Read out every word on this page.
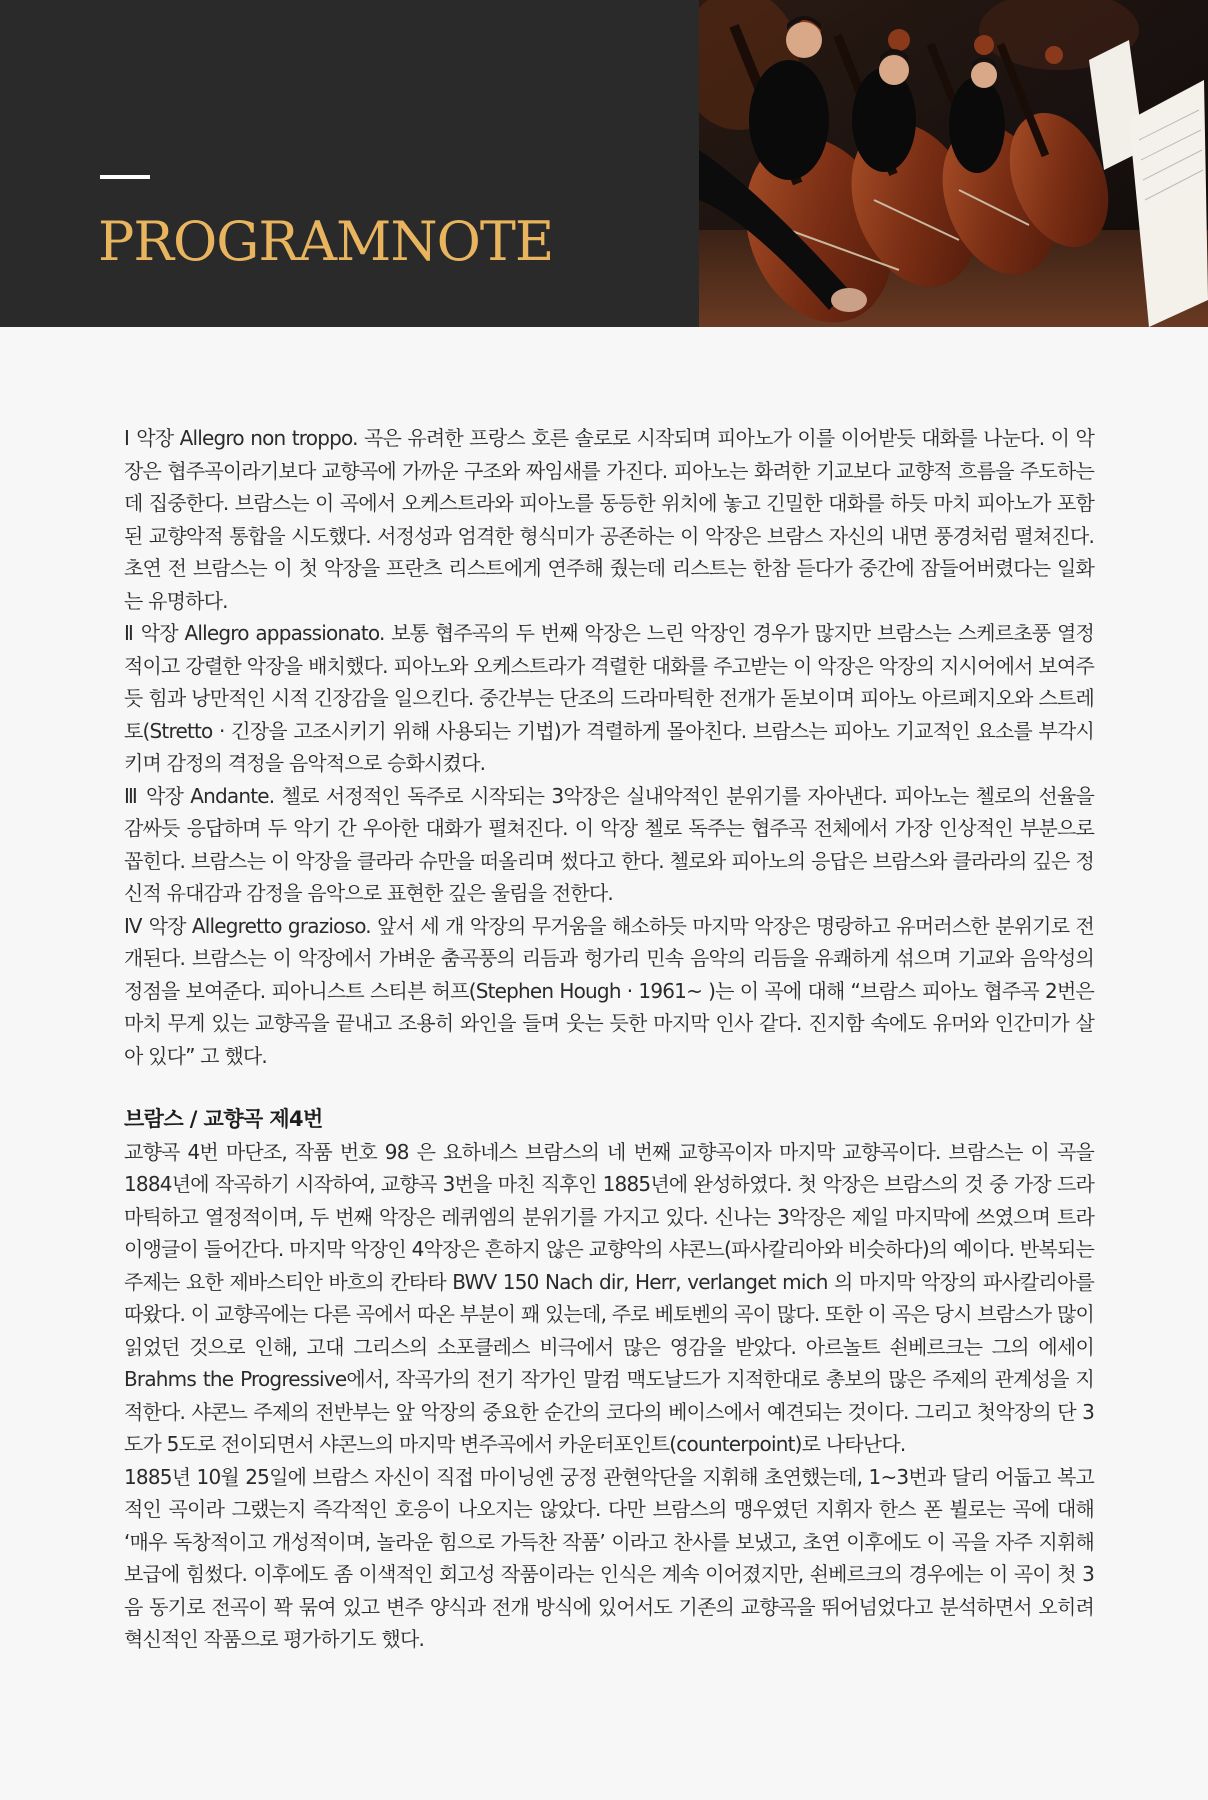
PROGRAMNOTE

Ⅰ 악장 Allegro non troppo. 곡은 유려한 프랑스 호른 솔로로 시작되며 피아노가 이를 이어받듯 대화를 나눈다. 이 악장은 협주곡이라기보다 교향곡에 가까운 구조와 짜임새를 가진다. 피아노는 화려한 기교보다 교향적 흐름을 주도하는 데 집중한다. 브람스는 이 곡에서 오케스트라와 피아노를 동등한 위치에 놓고 긴밀한 대화를 하듯 마치 피아노가 포함된 교향악적 통합을 시도했다. 서정성과 엄격한 형식미가 공존하는 이 악장은 브람스 자신의 내면 풍경처럼 펼쳐진다. 초연 전 브람스는 이 첫 악장을 프란츠 리스트에게 연주해 줬는데 리스트는 한참 듣다가 중간에 잠들어버렸다는 일화는 유명하다.

Ⅱ 악장 Allegro appassionato. 보통 협주곡의 두 번째 악장은 느린 악장인 경우가 많지만 브람스는 스케르초풍 열정적이고 강렬한 악장을 배치했다. 피아노와 오케스트라가 격렬한 대화를 주고받는 이 악장은 악장의 지시어에서 보여주듯 힘과 낭만적인 시적 긴장감을 일으킨다. 중간부는 단조의 드라마틱한 전개가 돋보이며 피아노 아르페지오와 스트레토(Stretto · 긴장을 고조시키기 위해 사용되는 기법)가 격렬하게 몰아친다. 브람스는 피아노 기교적인 요소를 부각시키며 감정의 격정을 음악적으로 승화시켰다.

Ⅲ 악장 Andante. 첼로 서정적인 독주로 시작되는 3악장은 실내악적인 분위기를 자아낸다. 피아노는 첼로의 선율을 감싸듯 응답하며 두 악기 간 우아한 대화가 펼쳐진다. 이 악장 첼로 독주는 협주곡 전체에서 가장 인상적인 부분으로 꼽힌다. 브람스는 이 악장을 클라라 슈만을 떠올리며 썼다고 한다. 첼로와 피아노의 응답은 브람스와 클라라의 깊은 정신적 유대감과 감정을 음악으로 표현한 깊은 울림을 전한다.

Ⅳ 악장 Allegretto grazioso. 앞서 세 개 악장의 무거움을 해소하듯 마지막 악장은 명랑하고 유머러스한 분위기로 전개된다. 브람스는 이 악장에서 가벼운 춤곡풍의 리듬과 헝가리 민속 음악의 리듬을 유쾌하게 섞으며 기교와 음악성의 정점을 보여준다. 피아니스트 스티븐 허프(Stephen Hough · 1961~ )는 이 곡에 대해 “브람스 피아노 협주곡 2번은 마치 무게 있는 교향곡을 끝내고 조용히 와인을 들며 웃는 듯한 마지막 인사 같다. 진지함 속에도 유머와 인간미가 살아 있다” 고 했다.

브람스 / 교향곡 제4번

교향곡 4번 마단조, 작품 번호 98 은 요하네스 브람스의 네 번째 교향곡이자 마지막 교향곡이다. 브람스는 이 곡을 1884년에 작곡하기 시작하여, 교향곡 3번을 마친 직후인 1885년에 완성하였다. 첫 악장은 브람스의 것 중 가장 드라마틱하고 열정적이며, 두 번째 악장은 레퀴엠의 분위기를 가지고 있다. 신나는 3악장은 제일 마지막에 쓰였으며 트라이앵글이 들어간다. 마지막 악장인 4악장은 흔하지 않은 교향악의 샤콘느(파사칼리아와 비슷하다)의 예이다. 반복되는 주제는 요한 제바스티안 바흐의 칸타타 BWV 150 Nach dir, Herr, verlanget mich 의 마지막 악장의 파사칼리아를 따왔다. 이 교향곡에는 다른 곡에서 따온 부분이 꽤 있는데, 주로 베토벤의 곡이 많다. 또한 이 곡은 당시 브람스가 많이 읽었던 것으로 인해, 고대 그리스의 소포클레스 비극에서 많은 영감을 받았다. 아르놀트 쇤베르크는 그의 에세이 Brahms the Progressive에서, 작곡가의 전기 작가인 말컴 맥도날드가 지적한대로 총보의 많은 주제의 관계성을 지적한다. 샤콘느 주제의 전반부는 앞 악장의 중요한 순간의 코다의 베이스에서 예견되는 것이다. 그리고 첫악장의 단 3도가 5도로 전이되면서 샤콘느의 마지막 변주곡에서 카운터포인트(counterpoint)로 나타난다.

1885년 10월 25일에 브람스 자신이 직접 마이닝엔 궁정 관현악단을 지휘해 초연했는데, 1~3번과 달리 어둡고 복고적인 곡이라 그랬는지 즉각적인 호응이 나오지는 않았다. 다만 브람스의 맹우였던 지휘자 한스 폰 뷜로는 곡에 대해 ‘매우 독창적이고 개성적이며, 놀라운 힘으로 가득찬 작품’ 이라고 찬사를 보냈고, 초연 이후에도 이 곡을 자주 지휘해 보급에 힘썼다. 이후에도 좀 이색적인 회고성 작품이라는 인식은 계속 이어졌지만, 쇤베르크의 경우에는 이 곡이 첫 3음 동기로 전곡이 꽉 묶여 있고 변주 양식과 전개 방식에 있어서도 기존의 교향곡을 뛰어넘었다고 분석하면서 오히려 혁신적인 작품으로 평가하기도 했다.
